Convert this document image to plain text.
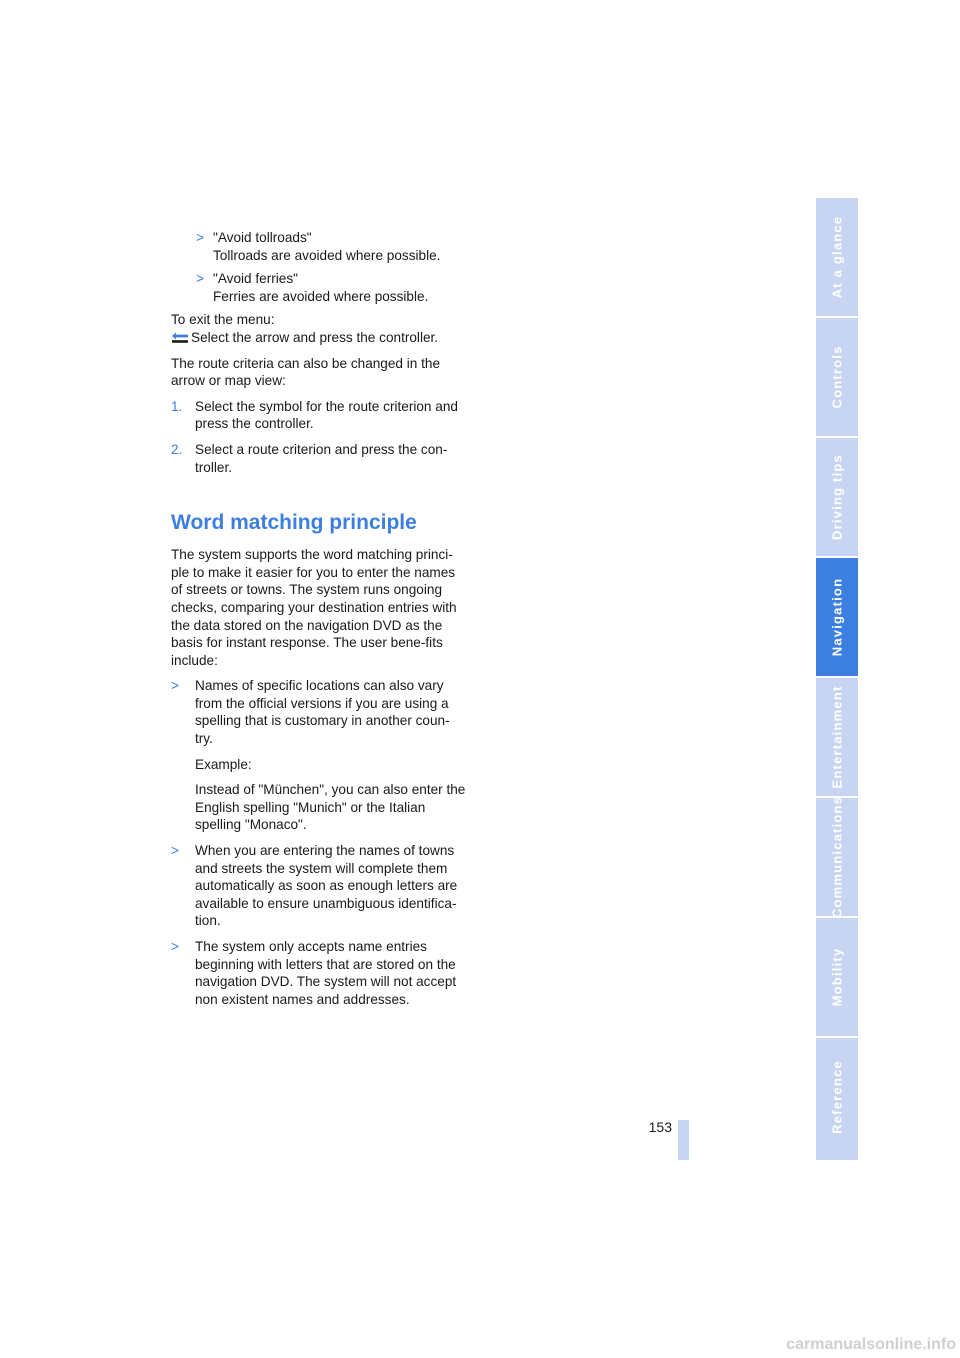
> "Avoid tollroads"
Tollroads are avoided where possible.
> "Avoid ferries"
Ferries are avoided where possible.
To exit the menu:
Select the arrow and press the controller.
The route criteria can also be changed in the arrow or map view:
1. Select the symbol for the route criterion and press the controller.
2. Select a route criterion and press the con-troller.
Word matching principle
The system supports the word matching princi-ple to make it easier for you to enter the names of streets or towns. The system runs ongoing checks, comparing your destination entries with the data stored on the navigation DVD as the basis for instant response. The user bene-fits include:
> Names of specific locations can also vary from the official versions if you are using a spelling that is customary in another coun-try.
Example:
Instead of "München", you can also enter the English spelling "Munich" or the Italian spelling "Monaco".
> When you are entering the names of towns and streets the system will complete them automatically as soon as enough letters are available to ensure unambiguous identifica-tion.
> The system only accepts name entries beginning with letters that are stored on the navigation DVD. The system will not accept non existent names and addresses.
At a glance
Controls
Driving tips
Navigation
Entertainment
Communications
Mobility
Reference
153
carmanualsonline.info
